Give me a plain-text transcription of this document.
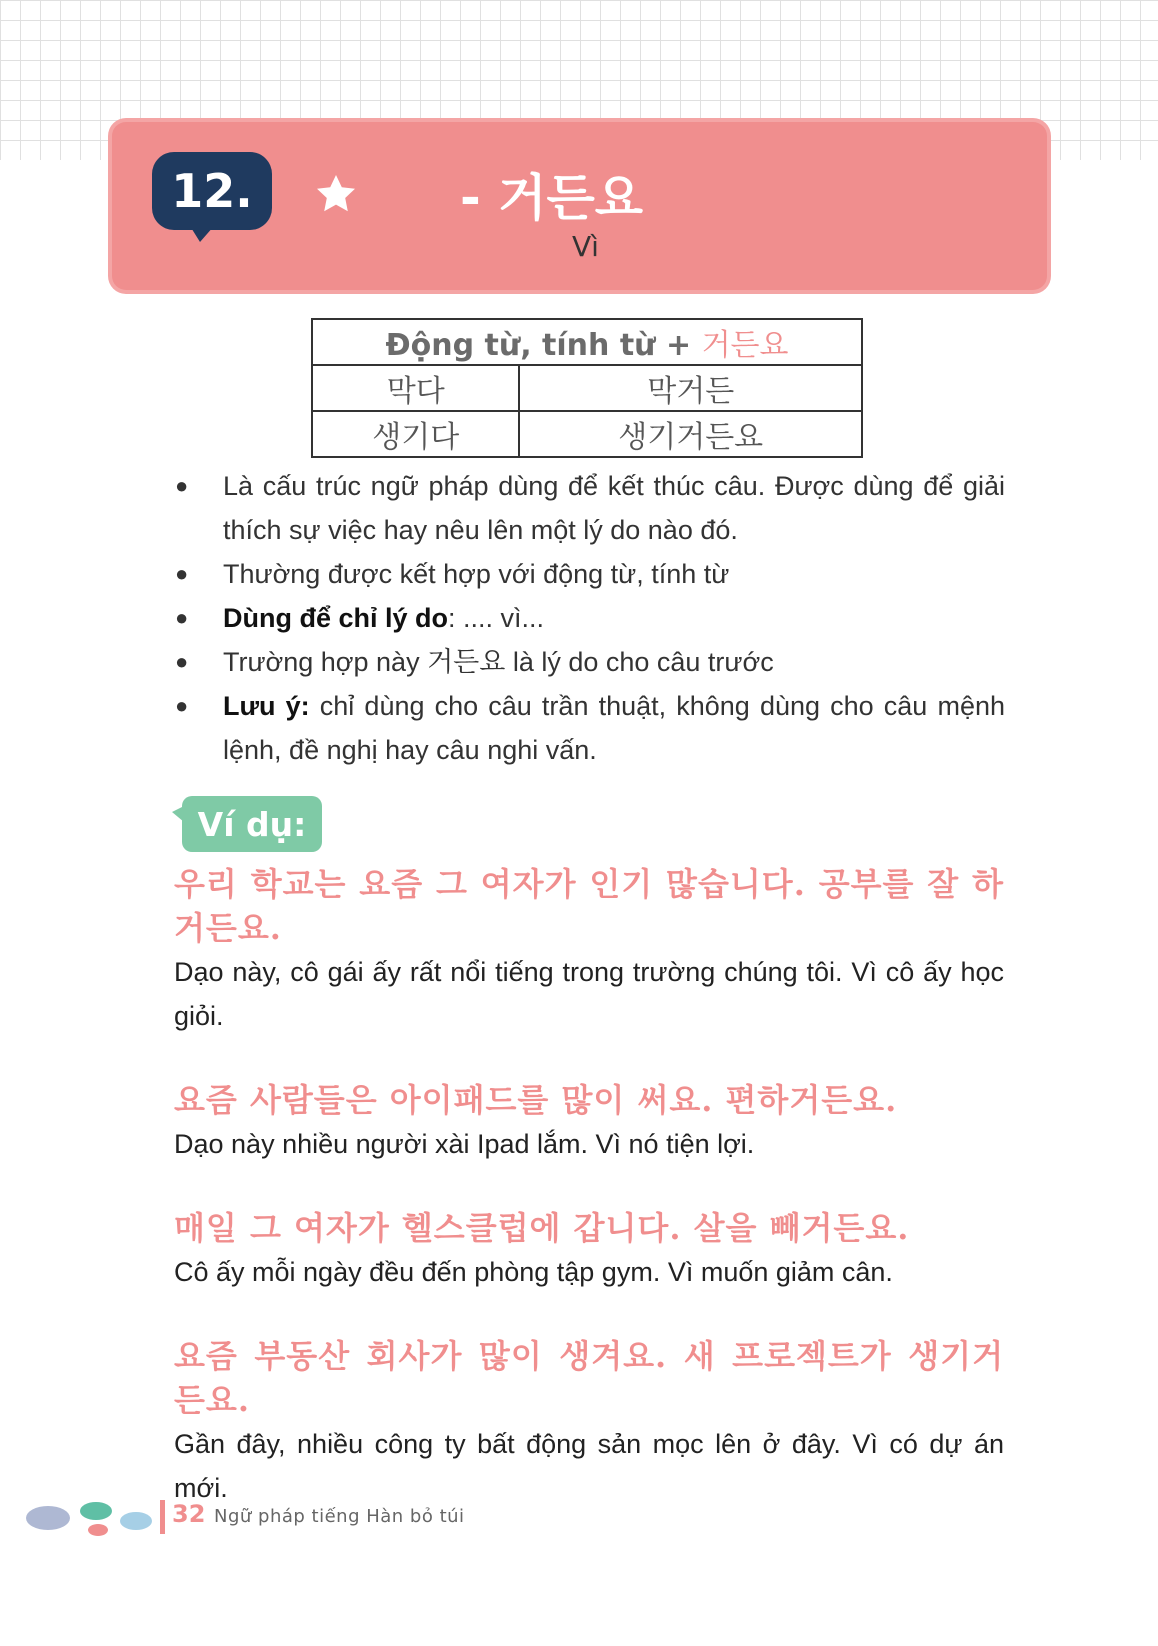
12.	- 거든요
Vì
Động từ, tính từ + 거든요	
막다	막거든
생기다	생기거든요
● Là cấu trúc ngữ pháp dùng để kết thúc câu. Được dùng để giải thích sự việc hay nêu lên một lý do nào đó.
● Thường được kết hợp với động từ, tính từ
● Dùng để chỉ lý do: .... vì...
● Trường hợp này 거든요 là lý do cho câu trước
● Lưu ý: chỉ dùng cho câu trần thuật, không dùng cho câu mệnh lệnh, đề nghị hay câu nghi vấn.
Ví dụ:
우리 학교는 요즘 그 여자가 인기 많습니다. 공부를 잘 하거든요.
Dạo này, cô gái ấy rất nổi tiếng trong trường chúng tôi. Vì cô ấy học giỏi.
요즘 사람들은 아이패드를 많이 써요. 편하거든요.
Dạo này nhiều người xài Ipad lắm. Vì nó tiện lợi.
매일 그 여자가 헬스클럽에 갑니다. 살을 빼거든요.
Cô ấy mỗi ngày đều đến phòng tập gym. Vì muốn giảm cân.
요즘 부동산 회사가 많이 생겨요. 새 프로젝트가 생기거든요.
Gần đây, nhiều công ty bất động sản mọc lên ở đây. Vì có dự án mới.
32 Ngữ pháp tiếng Hàn bỏ túi
